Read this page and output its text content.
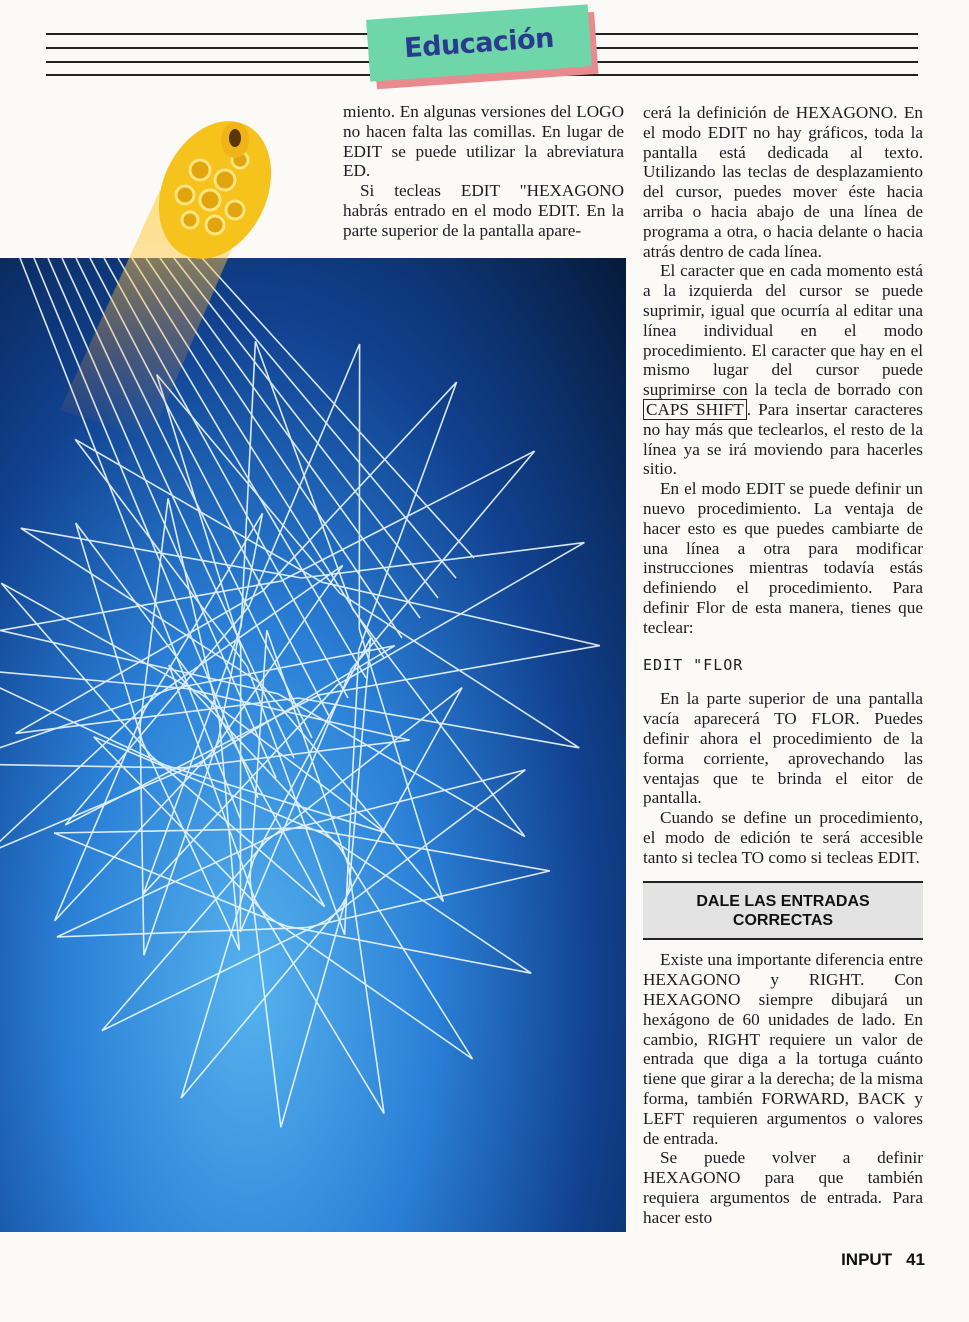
Educación

miento. En algunas versiones del LOGO no hacen falta las comillas. En lugar de EDIT se puede utilizar la abreviatura ED.

Si tecleas EDIT "HEXAGONO habrás entrado en el modo EDIT. En la parte superior de la pantalla apare-

cerá la definición de HEXAGONO. En el modo EDIT no hay gráficos, toda la pantalla está dedicada al texto. Utilizando las teclas de desplazamiento del cursor, puedes mover éste hacia arriba o hacia abajo de una línea de programa a otra, o hacia delante o hacia atrás dentro de cada línea.

El caracter que en cada momento está a la izquierda del cursor se puede suprimir, igual que ocurría al editar una línea individual en el modo procedimiento. El caracter que hay en el mismo lugar del cursor puede suprimirse con la tecla de borrado con CAPS SHIFT . Para insertar caracteres no hay más que teclearlos, el resto de la línea ya se irá moviendo para hacerles sitio.

En el modo EDIT se puede definir un nuevo procedimiento. La ventaja de hacer esto es que puedes cambiarte de una línea a otra para modificar instrucciones mientras todavía estás definiendo el procedimiento. Para definir Flor de esta manera, tienes que teclear:

EDIT "FLOR

En la parte superior de una pantalla vacía aparecerá TO FLOR. Puedes definir ahora el procedimiento de la forma corriente, aprovechando las ventajas que te brinda el eitor de pantalla.

Cuando se define un procedimiento, el modo de edición te será accesible tanto si teclea TO como si tecleas EDIT.

DALE LAS ENTRADAS CORRECTAS

Existe una importante diferencia entre HEXAGONO y RIGHT. Con HEXAGONO siempre dibujará un hexágono de 60 unidades de lado. En cambio, RIGHT requiere un valor de entrada que diga a la tortuga cuánto tiene que girar a la derecha; de la misma forma, también FORWARD, BACK y LEFT requieren argumentos o valores de entrada.

Se puede volver a definir HEXAGONO para que también requiera argumentos de entrada. Para hacer esto

INPUT 41
